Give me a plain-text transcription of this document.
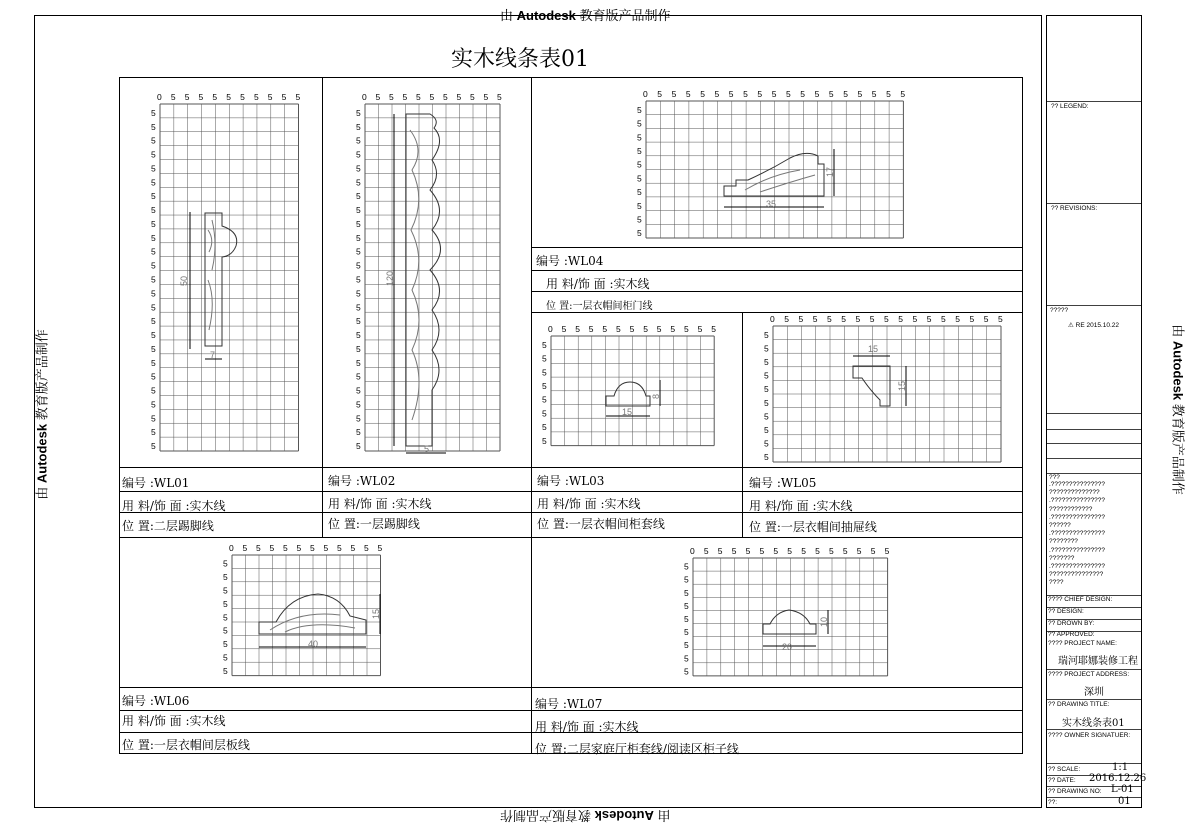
由 Autodesk 教育版产品制作
由 Autodesk 教育版产品制作
由 Autodesk 教育版产品制作	由 Autodesk 教育版产品制作
实木线条表01
0 5 5 5 5 5 5 5 5 5 5
5
5
5
5
5
5
5
5
5
5
5
5
5
5
5
5
5
5
5
5
5
5
5
5
5
0 5 5 5 5 5 5 5 5 5 5
5
5
5
5
5
5
5
5
5
5
5
5
5
5
5
5
5
5
5
5
5
5
5
5
5
0 5 5 5 5 5 5 5 5 5 5 5 5 5 5 5 5 5 5
5
5
5
5
5
5
5
5
5
5
0 5 5 5 5 5 5 5 5 5 5 5 5
5
5
5
5
5
5
5
5
0 5 5 5 5 5 5 5 5 5 5 5 5 5 5 5 5
5
5
5
5
5
5
5
5
5
5
0 5 5 5 5 5 5 5 5 5 5 5
5
5
5
5
5
5
5
5
5
0 5 5 5 5 5 5 5 5 5 5 5 5 5 5
5
5
5
5
5
5
5
5
5
50
7
120
5
15
8
35
17
15
15
40
15
20
10
编号 :WL04
用 料/饰 面 :实木线
位 置:一层衣帽间柜门线
编号 :WL01
用 料/饰 面 :实木线
位 置:二层踢脚线
编号 :WL02
用 料/饰 面 :实木线
位 置:一层踢脚线
编号 :WL03
用 料/饰 面 :实木线
位 置:一层衣帽间柜套线
编号 :WL05
用 料/饰 面 :实木线
位 置:一层衣帽间抽屉线
编号 :WL06
用 料/饰 面 :实木线
位 置:一层衣帽间层板线
编号 :WL07
用 料/饰 面 :实木线
位 置:二层家庭厅柜套线/阅读区柜子线
?? LEGEND:
?? REVISIONS:
?????
⚠ RE 2015.10.22
???
.???????????????
??????????????
.???????????????
????????????
.???????????????
??????
.???????????????
????????
.???????????????
???????
.???????????????
???????????????
????
???? CHIEF DESIGN:
?? DESIGN:
?? DROWN BY:
?? APPROVED:
???? PROJECT NAME:
瑞河耶娜装修工程
???? PROJECT ADDRESS:
深圳
?? DRAWING TITLE:
实木线条表01
???? OWNER SIGNATUER:
?? SCALE:	1:1
?? DATE: 2016.12.26
?? DRAWING NO: L-01
??:	01
